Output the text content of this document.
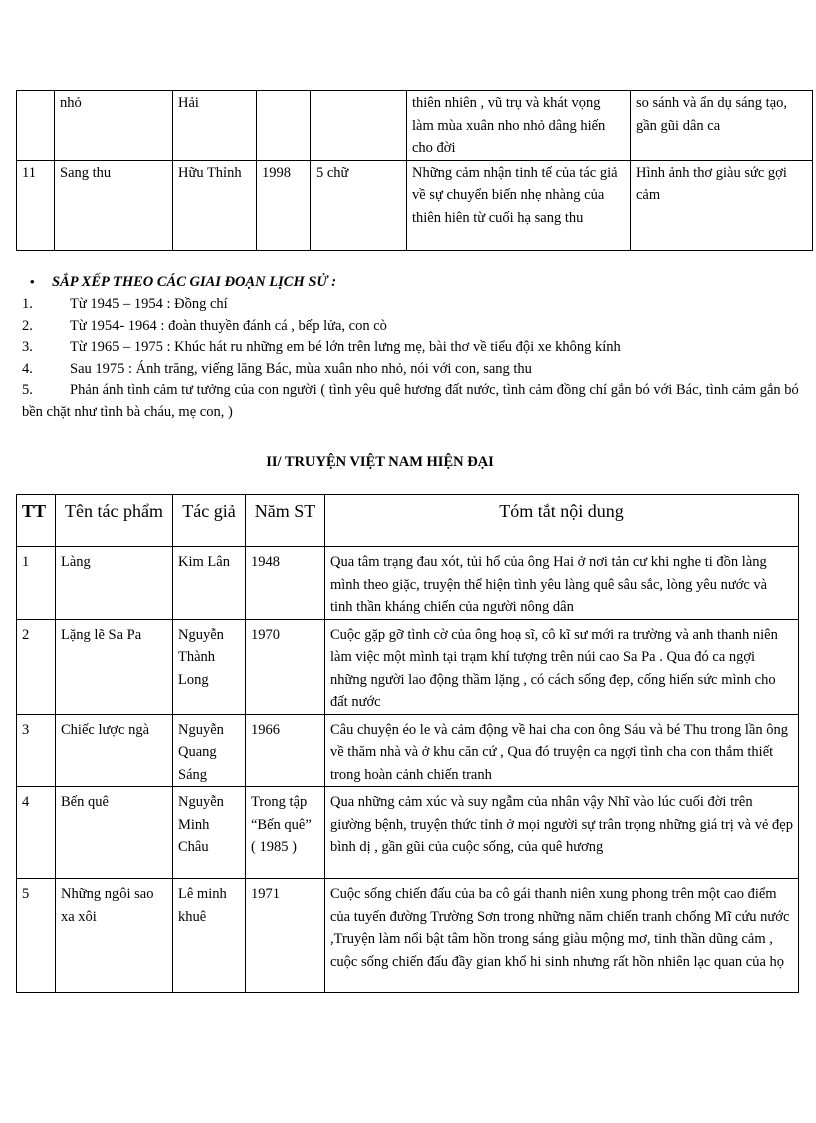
	nhỏ	Hải			thiên nhiên , vũ trụ và khát vọng làm mùa xuân nho nhỏ dâng hiến cho đời	so sánh và ẩn dụ sáng tạo, gần gũi dân ca
11	Sang thu	Hữu Thỉnh	1998	5 chữ	Những cảm nhận tinh tế của tác giả về sự chuyển biến nhẹ nhàng của thiên hiên từ cuối hạ sang thu	Hình ảnh thơ giàu sức gợi cảm

• SẮP XẾP THEO CÁC GIAI ĐOẠN LỊCH SỬ :

1.	Từ 1945 – 1954 : Đồng chí
2.	Từ 1954- 1964 : đoàn thuyền đánh cá , bếp lửa, con cò
3.	Từ 1965 – 1975 : Khúc hát ru những em bé lớn trên lưng mẹ, bài thơ về tiểu đội xe không kính
4.	Sau 1975 : Ánh trăng, viếng lăng Bác, mùa xuân nho nhỏ, nói với con, sang thu
5.	Phản ánh tình cảm tư tưởng của con người ( tình yêu quê hương đất nước, tình cảm đồng chí gắn bó với Bác, tình cảm gắn bó bền chặt như tình bà cháu, mẹ con, )

II/ TRUYỆN VIỆT NAM HIỆN ĐẠI

TT	Tên tác phẩm	Tác giả	Năm ST	Tóm tắt nội dung
1	Làng	Kim Lân	1948	Qua tâm trạng đau xót, tủi hổ của ông Hai ở nơi tản cư khi nghe ti đồn làng mình theo giặc, truyện thể hiện tình yêu làng quê sâu sắc, lòng yêu nước và tinh thần kháng chiến của người nông dân
2	Lặng lẽ Sa Pa	Nguyễn Thành Long	1970	Cuộc gặp gỡ tình cờ của ông hoạ sĩ, cô kĩ sư mới ra trường và anh thanh niên làm việc một mình tại trạm khí tượng trên núi cao Sa Pa . Qua đó ca ngợi những người lao động thầm lặng , có cách sống đẹp, cống hiến sức mình cho đất nước
3	Chiếc lược ngà	Nguyễn Quang Sáng	1966	Câu chuyện éo le và cảm động về hai cha con ông Sáu và bé Thu trong lần ông về thăm nhà và ở khu căn cứ , Qua đó truyện ca ngợi tình cha con thắm thiết trong hoàn cảnh chiến tranh
4	Bến quê	Nguyễn Minh Châu	Trong tập “Bến quê” ( 1985 )	Qua những cảm xúc và suy ngẫm của nhân vậy Nhĩ vào lúc cuối đời trên giường bệnh, truyện thức tỉnh ở mọi người sự trân trọng những giá trị và vẻ đẹp bình dị , gần gũi của cuộc sống, của quê hương
5	Những ngôi sao xa xôi	Lê minh khuê	1971	Cuộc sống chiến đấu của ba cô gái thanh niên xung phong trên một cao điểm của tuyến đường Trường Sơn trong những năm chiến tranh chống Mĩ cứu nước ,Truyện làm nổi bật tâm hồn trong sáng giàu mộng mơ, tinh thần dũng cảm , cuộc sống chiến đấu đầy gian khổ hi sinh nhưng rất hồn nhiên lạc quan của họ
